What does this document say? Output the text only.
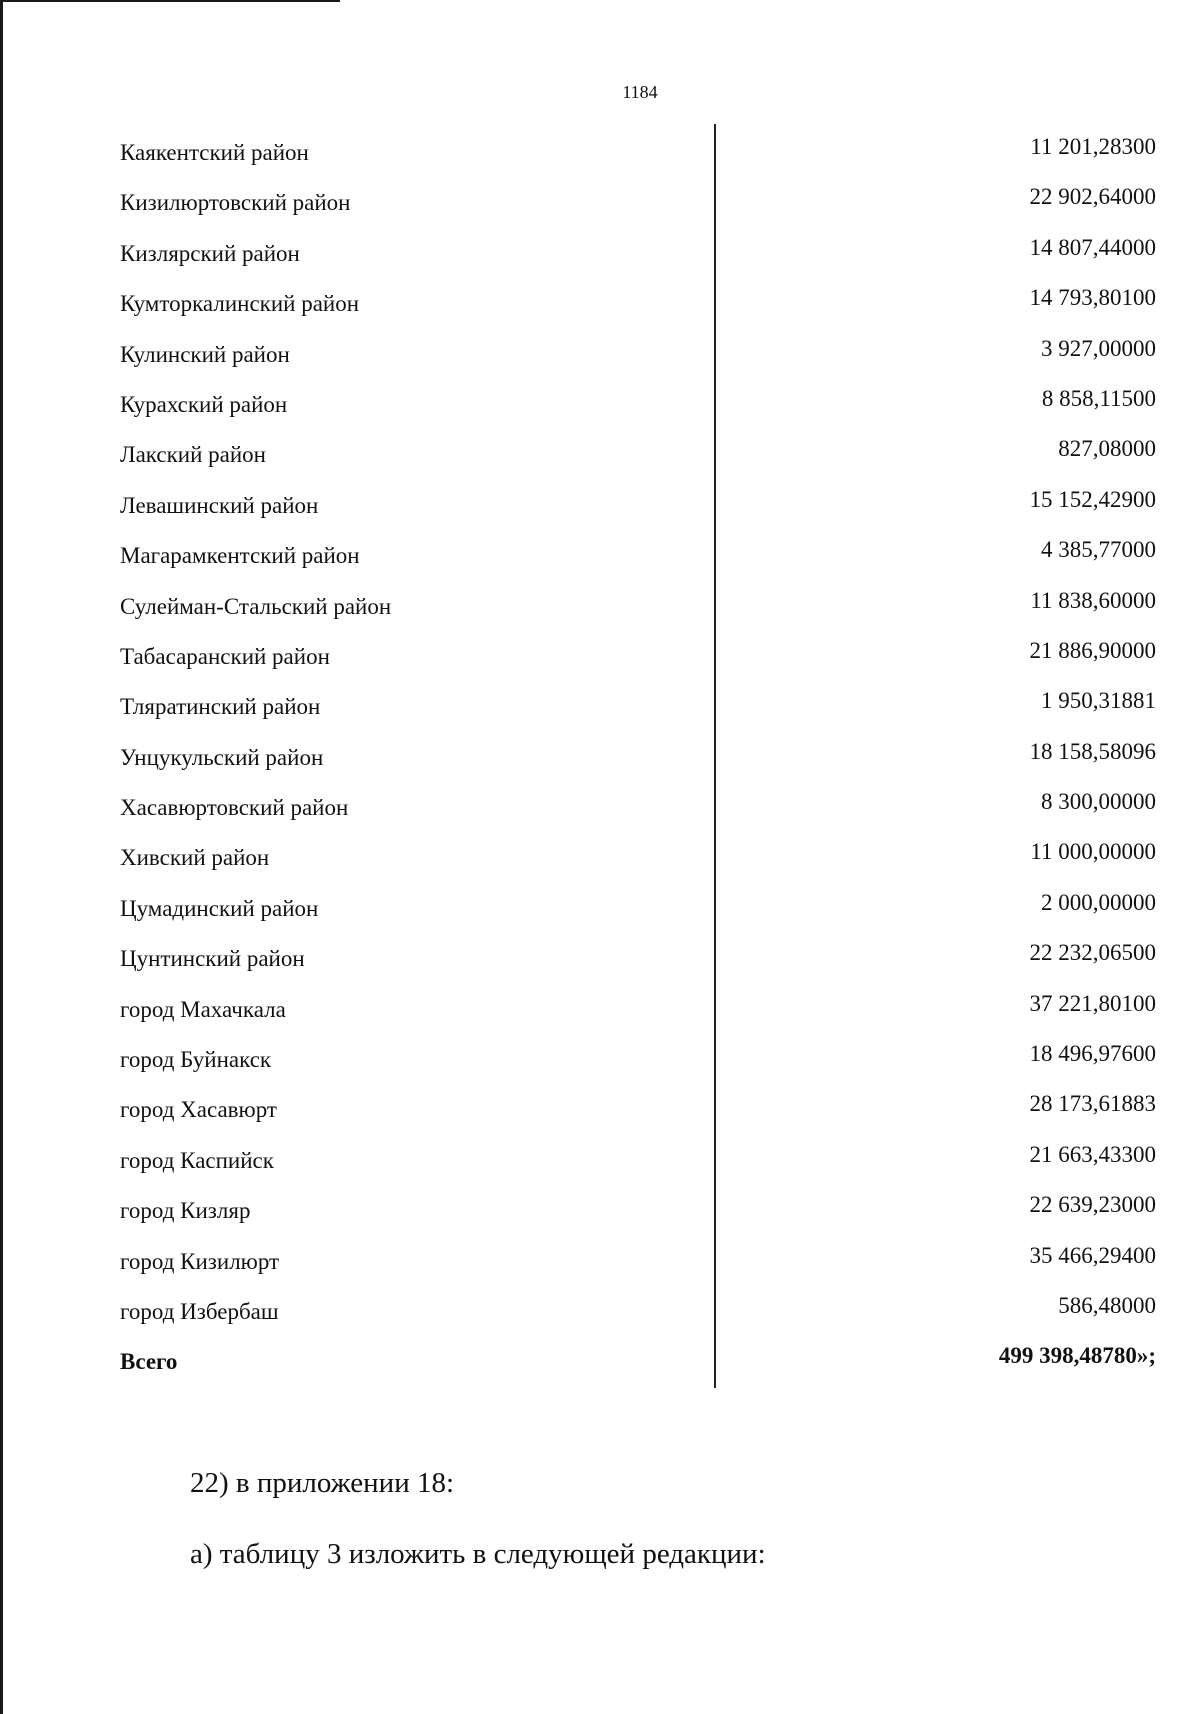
1184
Каякентский район	11 201,28300
Кизилюртовский район	22 902,64000
Кизлярский район	14 807,44000
Кумторкалинский район	14 793,80100
Кулинский район	3 927,00000
Курахский район	8 858,11500
Лакский район	827,08000
Левашинский район	15 152,42900
Магарамкентский район	4 385,77000
Сулейман-Стальский район	11 838,60000
Табасаранский район	21 886,90000
Тляратинский район	1 950,31881
Унцукульский район	18 158,58096
Хасавюртовский район	8 300,00000
Хивский район	11 000,00000
Цумадинский район	2 000,00000
Цунтинский район	22 232,06500
город Махачкала	37 221,80100
город Буйнакск	18 496,97600
город Хасавюрт	28 173,61883
город Каспийск	21 663,43300
город Кизляр	22 639,23000
город Кизилюрт	35 466,29400
город Избербаш	586,48000
Всего	499 398,48780»;
22) в приложении 18:
а) таблицу 3 изложить в следующей редакции:
